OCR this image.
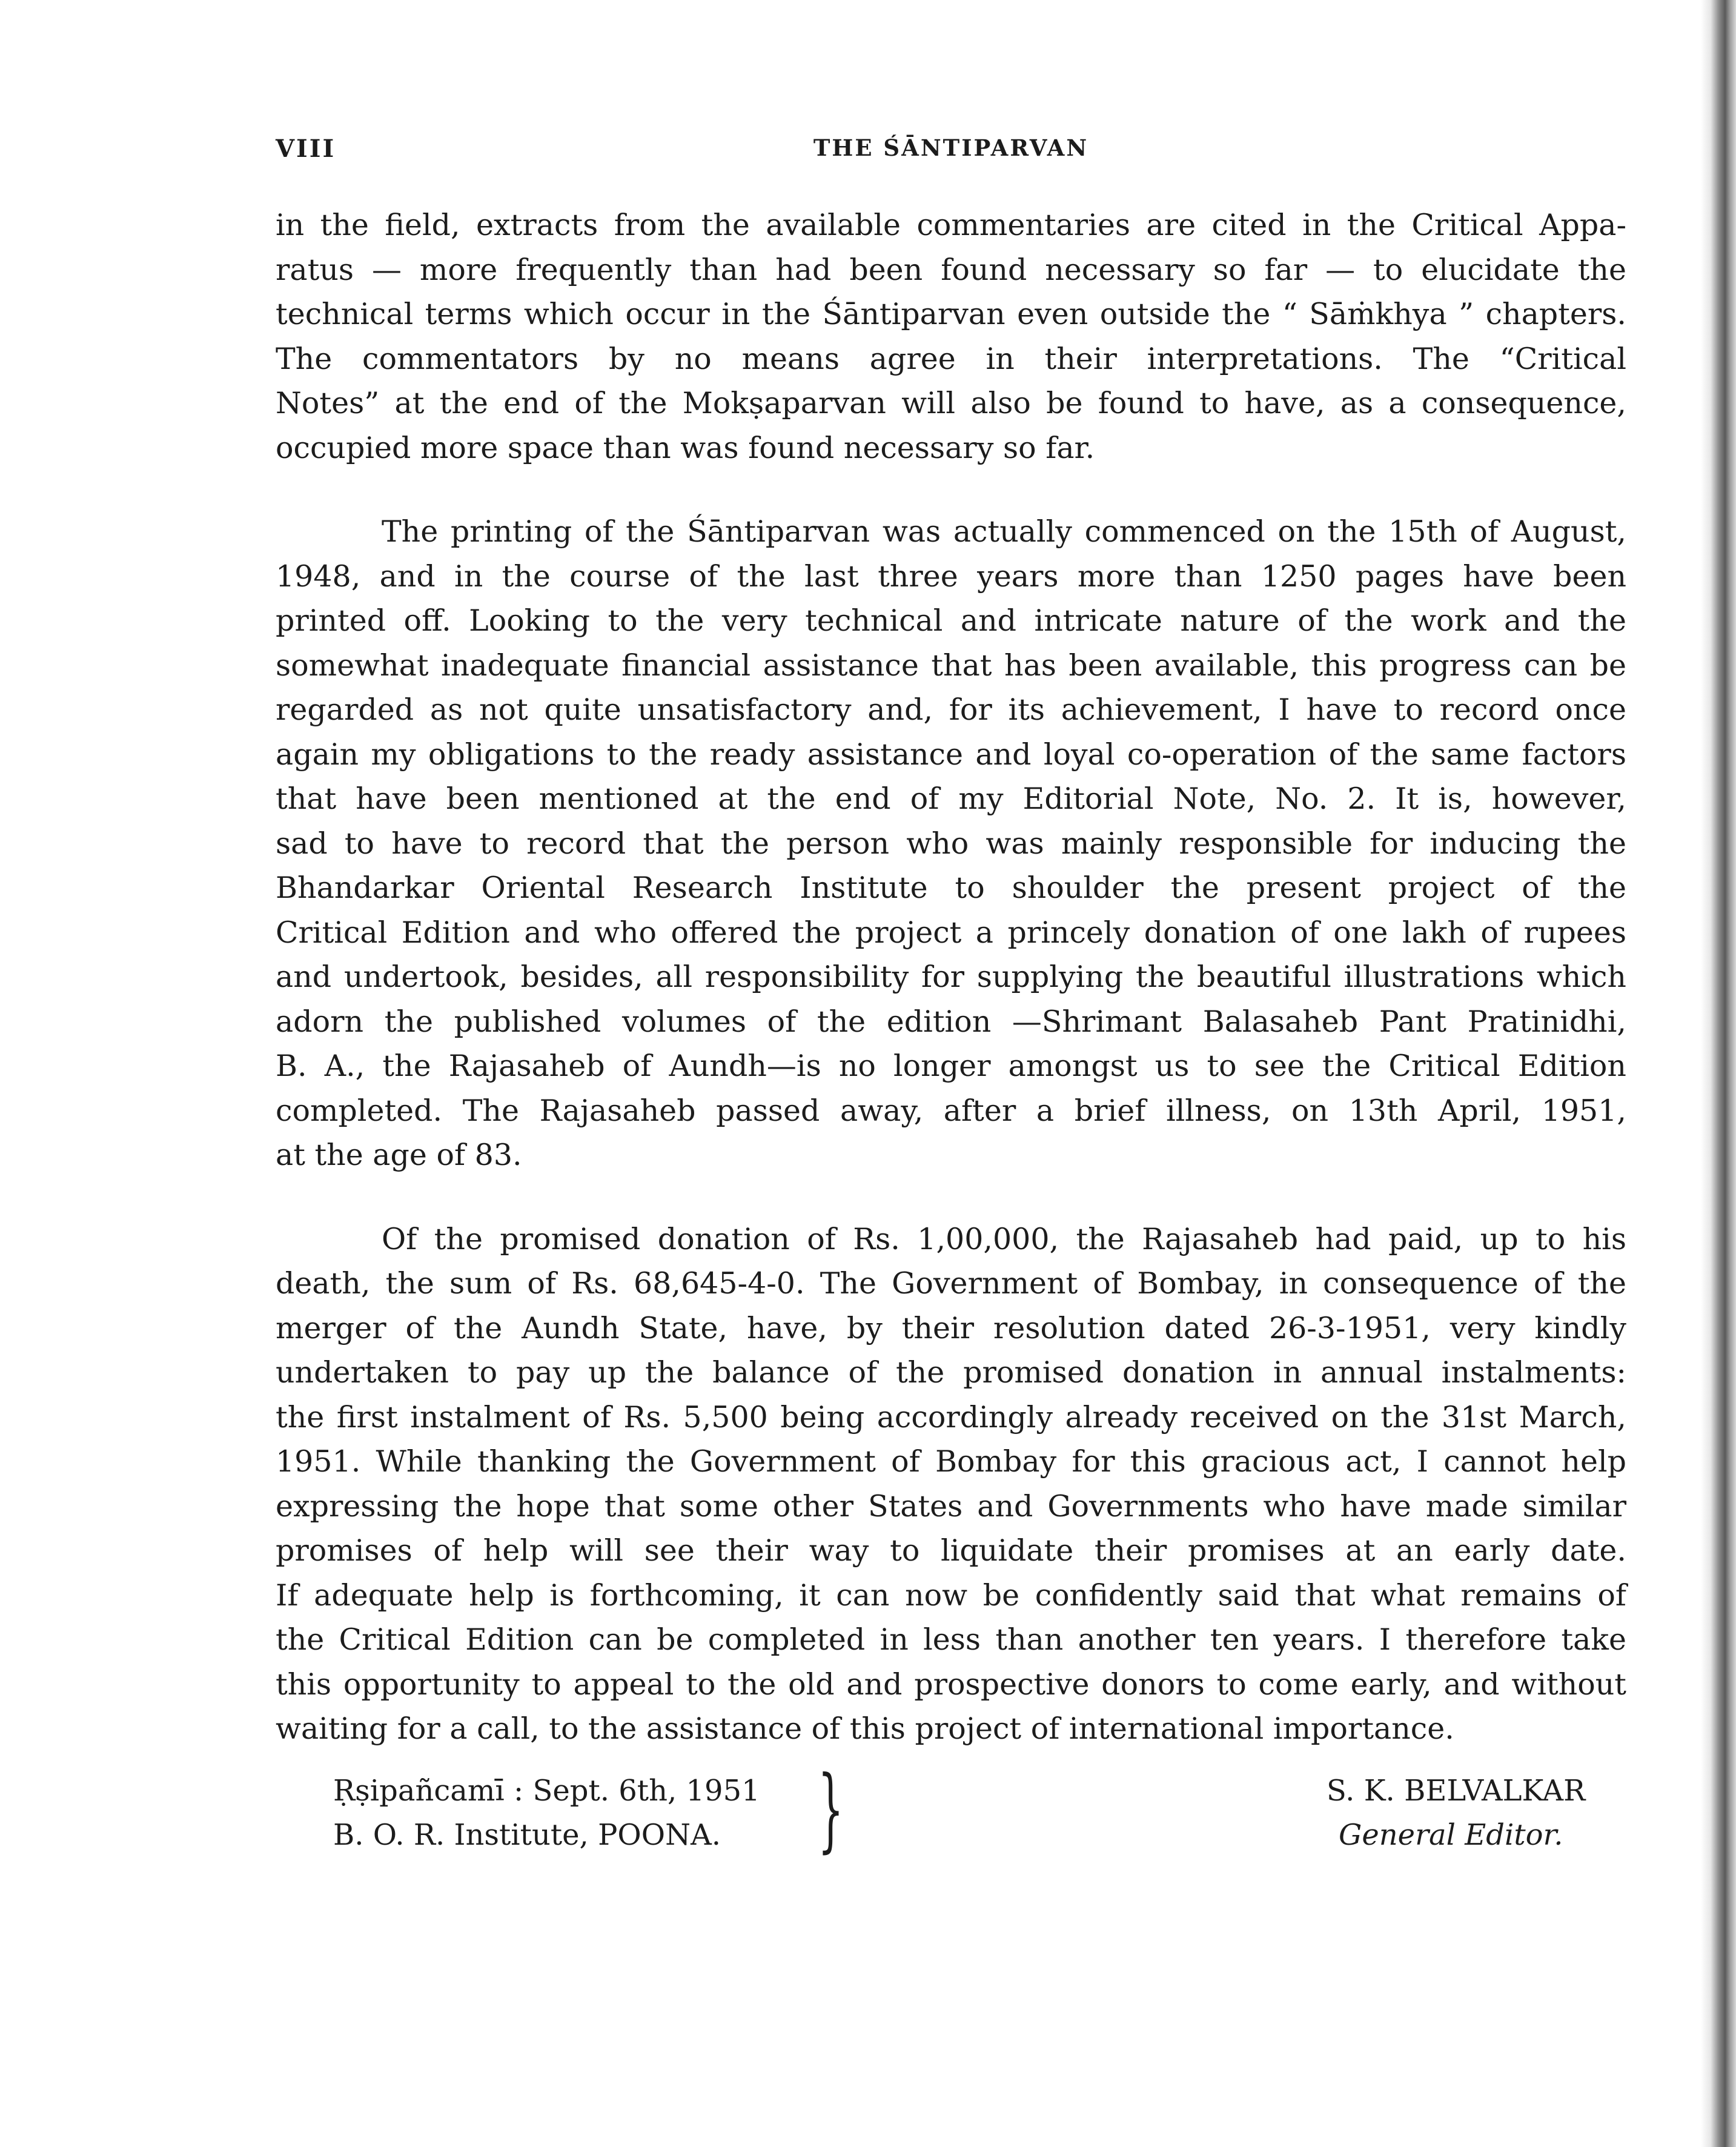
VIII	THE ŚĀNTIPARVAN
in the field, extracts from the available commentaries are cited in the Critical Appa-
ratus — more frequently than had been found necessary so far — to elucidate the
technical terms which occur in the Śāntiparvan even outside the “ Sāṁkhya ” chapters.
The commentators by no means agree in their interpretations. The “Critical
Notes” at the end of the Mokṣaparvan will also be found to have, as a consequence,
occupied more space than was found necessary so far.
The printing of the Śāntiparvan was actually commenced on the 15th of August,
1948, and in the course of the last three years more than 1250 pages have been
printed off. Looking to the very technical and intricate nature of the work and the
somewhat inadequate financial assistance that has been available, this progress can be
regarded as not quite unsatisfactory and, for its achievement, I have to record once
again my obligations to the ready assistance and loyal co-operation of the same factors
that have been mentioned at the end of my Editorial Note, No. 2. It is, however,
sad to have to record that the person who was mainly responsible for inducing the
Bhandarkar Oriental Research Institute to shoulder the present project of the
Critical Edition and who offered the project a princely donation of one lakh of rupees
and undertook, besides, all responsibility for supplying the beautiful illustrations which
adorn the published volumes of the edition —Shrimant Balasaheb Pant Pratinidhi,
B. A., the Rajasaheb of Aundh—is no longer amongst us to see the Critical Edition
completed. The Rajasaheb passed away, after a brief illness, on 13th April, 1951,
at the age of 83.
Of the promised donation of Rs. 1,00,000, the Rajasaheb had paid, up to his
death, the sum of Rs. 68,645-4-0. The Government of Bombay, in consequence of the
merger of the Aundh State, have, by their resolution dated 26-3-1951, very kindly
undertaken to pay up the balance of the promised donation in annual instalments:
the first instalment of Rs. 5,500 being accordingly already received on the 31st March,
1951. While thanking the Government of Bombay for this gracious act, I cannot help
expressing the hope that some other States and Governments who have made similar
promises of help will see their way to liquidate their promises at an early date.
If adequate help is forthcoming, it can now be confidently said that what remains of
the Critical Edition can be completed in less than another ten years. I therefore take
this opportunity to appeal to the old and prospective donors to come early, and without
waiting for a call, to the assistance of this project of international importance.
Ṛṣipañcamī : Sept. 6th, 1951
B. O. R. Institute, POONA.	}	S. K. BELVALKAR
General Editor.
